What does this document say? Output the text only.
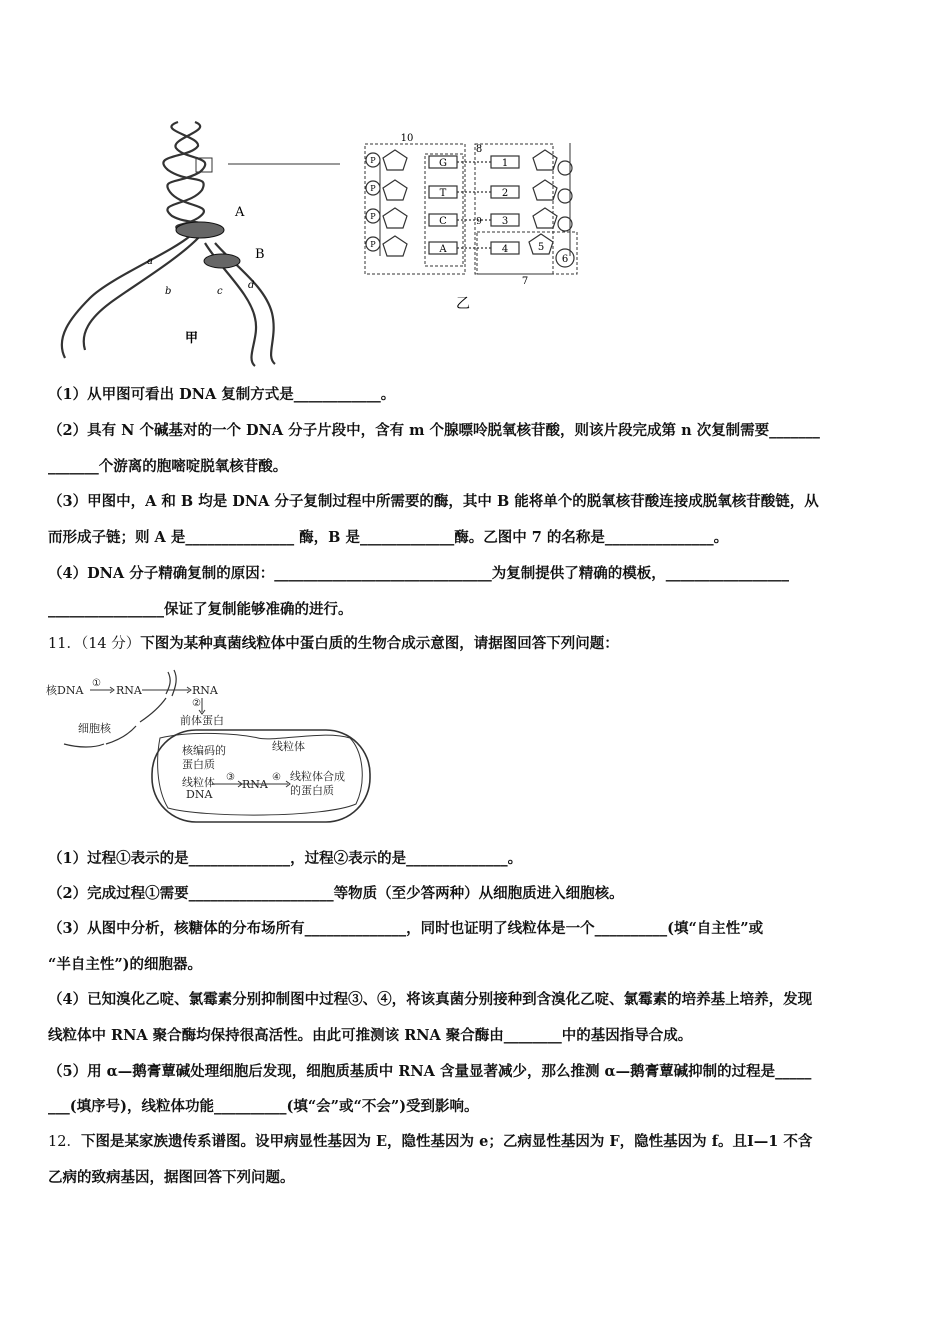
A
B
a
b	c
d
甲
P
P
P
P
G
T
C
A
1
2
3
4	5
6
10
8
9
7
乙
（1）从甲图可看出 DNA 复制方式是____________。
（2）具有 N 个碱基对的一个 DNA 分子片段中，含有 m 个腺嘌呤脱氧核苷酸，则该片段完成第 n 次复制需要_______
_______个游离的胞嘧啶脱氧核苷酸。
（3）甲图中，A 和 B 均是 DNA 分子复制过程中所需要的酶，其中 B 能将单个的脱氧核苷酸连接成脱氧核苷酸链，从
而形成子链；则 A 是_______________ 酶，B 是_____________酶。乙图中 7 的名称是_______________。
（4）DNA 分子精确复制的原因：______________________________为复制提供了精确的模板，_________________
________________保证了复制能够准确的进行。
11．（14 分）下图为某种真菌线粒体中蛋白质的生物合成示意图，请据图回答下列问题：
核DNA
①
RNA	RNA
②
前体蛋白
细胞核
线粒体
核编码的
蛋白质
线粒体
DNA
③
RNA
④ 线粒体合成
的蛋白质
（1）过程①表示的是______________，过程②表示的是______________。
（2）完成过程①需要____________________等物质（至少答两种）从细胞质进入细胞核。
（3）从图中分析，核糖体的分布场所有______________，同时也证明了线粒体是一个__________(填“自主性”或
“半自主性”)的细胞器。
（4）已知溴化乙啶、氯霉素分别抑制图中过程③、④，将该真菌分别接种到含溴化乙啶、氯霉素的培养基上培养，发现
线粒体中 RNA 聚合酶均保持很高活性。由此可推测该 RNA 聚合酶由________中的基因指导合成。
（5）用 α—鹅膏蕈碱处理细胞后发现，细胞质基质中 RNA 含量显著减少，那么推测 α—鹅膏蕈碱抑制的过程是_____
___(填序号)，线粒体功能__________(填“会”或“不会”)受到影响。
12．下图是某家族遗传系谱图。设甲病显性基因为 E，隐性基因为 e；乙病显性基因为 F，隐性基因为 f。且Ⅰ—1 不含
乙病的致病基因，据图回答下列问题。
